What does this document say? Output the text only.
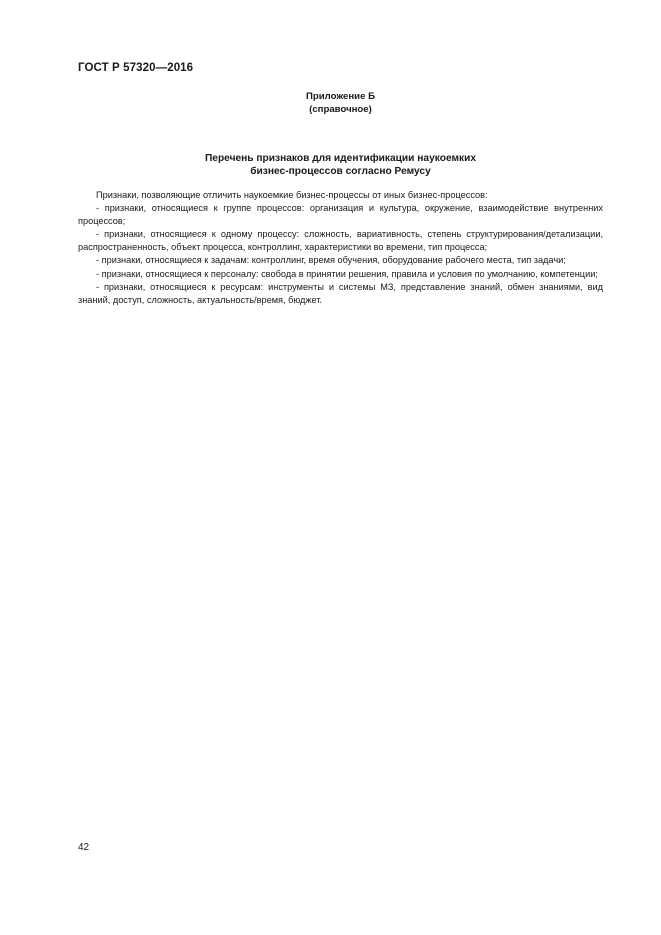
ГОСТ Р 57320—2016
Приложение Б
(справочное)
Перечень признаков для идентификации наукоемких
бизнес-процессов согласно Ремусу

Признаки, позволяющие отличить наукоемкие бизнес-процессы от иных бизнес-процессов:

- признаки, относящиеся к группе процессов: организация и культура, окружение, взаимодействие внутренних процессов;

- признаки, относящиеся к одному процессу: сложность, вариативность, степень структурирования/детализации, распространенность, объект процесса, контроллинг, характеристики во времени, тип процесса;

- признаки, относящиеся к задачам: контроллинг, время обучения, оборудование рабочего места, тип задачи;

- признаки, относящиеся к персоналу: свобода в принятии решения, правила и условия по умолчанию, компетенции;

- признаки, относящиеся к ресурсам: инструменты и системы МЗ, представление знаний, обмен знаниями, вид знаний, доступ, сложность, актуальность/время, бюджет.

42
